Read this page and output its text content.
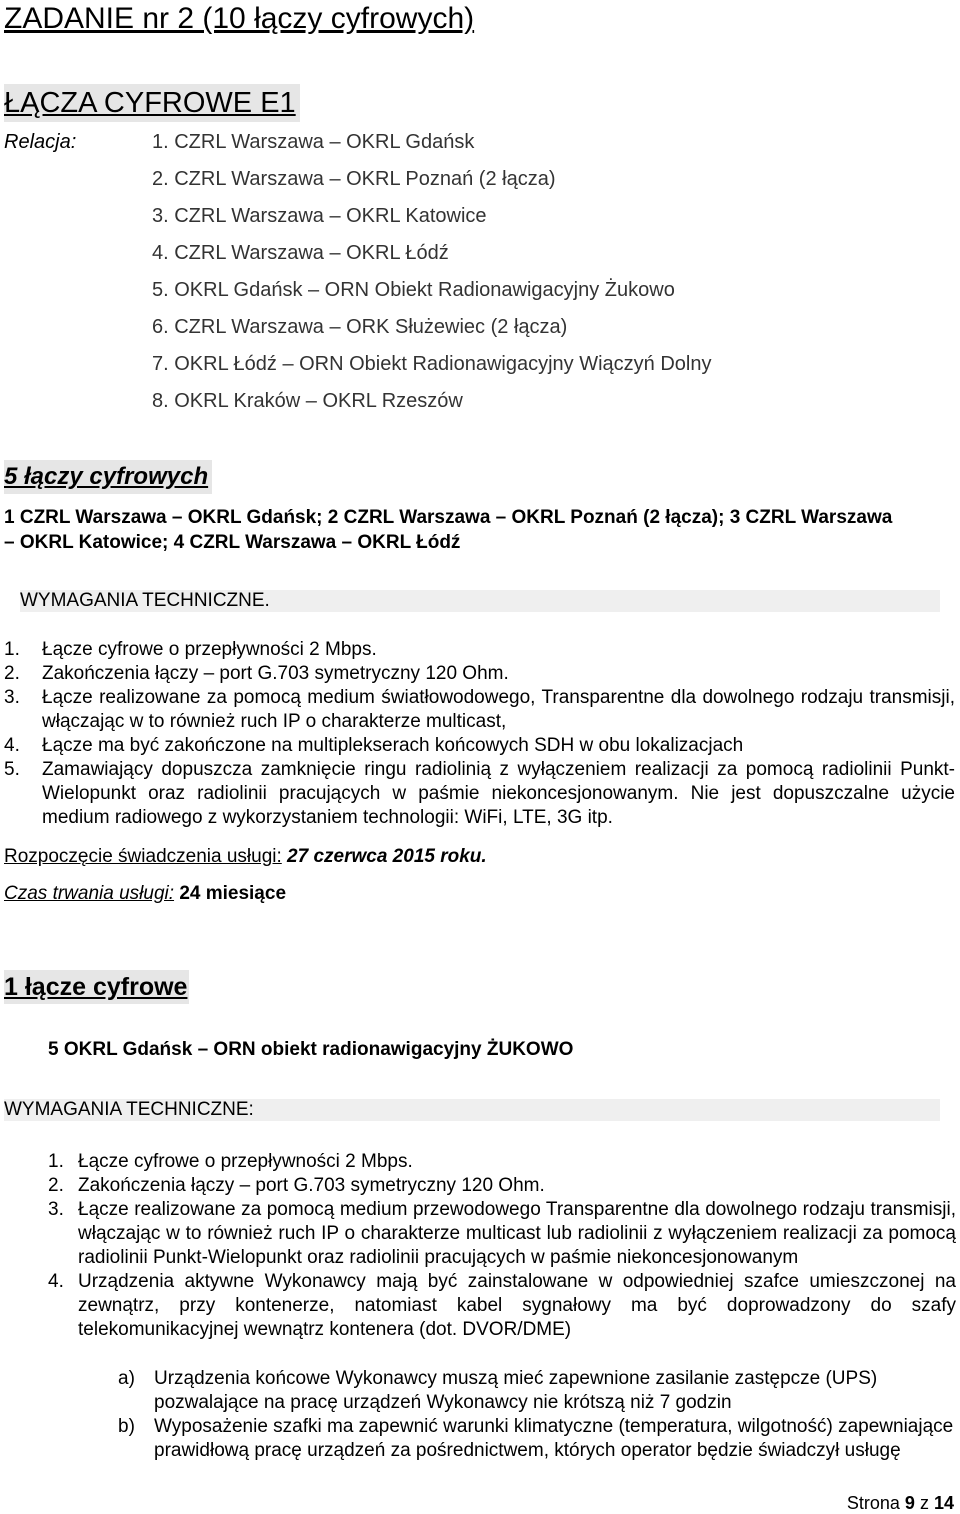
ZADANIE nr 2 (10 łączy cyfrowych)
ŁĄCZA CYFROWE E1
Relacja:	1. CZRL Warszawa – OKRL Gdańsk
2. CZRL Warszawa – OKRL Poznań (2 łącza)
3. CZRL Warszawa – OKRL Katowice
4. CZRL Warszawa – OKRL Łódź
5. OKRL Gdańsk – ORN Obiekt Radionawigacyjny Żukowo
6. CZRL Warszawa – ORK Służewiec (2 łącza)
7. OKRL Łódź – ORN Obiekt Radionawigacyjny Wiączyń Dolny
8. OKRL Kraków – OKRL Rzeszów
5 łączy cyfrowych
1 CZRL Warszawa – OKRL Gdańsk; 2 CZRL Warszawa – OKRL Poznań (2 łącza); 3 CZRL Warszawa – OKRL Katowice; 4 CZRL Warszawa – OKRL Łódź
WYMAGANIA TECHNICZNE.
1. Łącze cyfrowe o przepływności 2 Mbps.
2. Zakończenia łączy – port G.703 symetryczny 120 Ohm.
3. Łącze realizowane za pomocą medium światłowodowego, Transparentne dla dowolnego rodzaju transmisji, włączając w to również ruch IP o charakterze multicast,
4. Łącze ma być zakończone na multiplekserach końcowych SDH w obu lokalizacjach
5. Zamawiający dopuszcza zamknięcie ringu radiolinią z wyłączeniem realizacji za pomocą radiolinii Punkt-Wielopunkt oraz radiolinii pracujących w paśmie niekoncesjonowanym. Nie jest dopuszczalne użycie medium radiowego z wykorzystaniem technologii: WiFi, LTE, 3G itp.
Rozpoczęcie świadczenia usługi: 27 czerwca 2015 roku.
Czas trwania usługi: 24 miesiące
1 łącze cyfrowe
5 OKRL Gdańsk – ORN obiekt radionawigacyjny ŻUKOWO
WYMAGANIA TECHNICZNE:
1. Łącze cyfrowe o przepływności 2 Mbps.
2. Zakończenia łączy – port G.703 symetryczny 120 Ohm.
3. Łącze realizowane za pomocą medium przewodowego Transparentne dla dowolnego rodzaju transmisji, włączając w to również ruch IP o charakterze multicast lub radiolinii z wyłączeniem realizacji za pomocą radiolinii Punkt-Wielopunkt oraz radiolinii pracujących w paśmie niekoncesjonowanym
4. Urządzenia aktywne Wykonawcy mają być zainstalowane w odpowiedniej szafce umieszczonej na zewnątrz, przy kontenerze, natomiast kabel sygnałowy ma być doprowadzony do szafy telekomunikacyjnej wewnątrz kontenera (dot. DVOR/DME)
a) Urządzenia końcowe Wykonawcy muszą mieć zapewnione zasilanie zastępcze (UPS) pozwalające na pracę urządzeń Wykonawcy nie krótszą niż 7 godzin
b) Wyposażenie szafki ma zapewnić warunki klimatyczne (temperatura, wilgotność) zapewniające prawidłową pracę urządzeń za pośrednictwem, których operator będzie świadczył usługę
Strona 9 z 14
